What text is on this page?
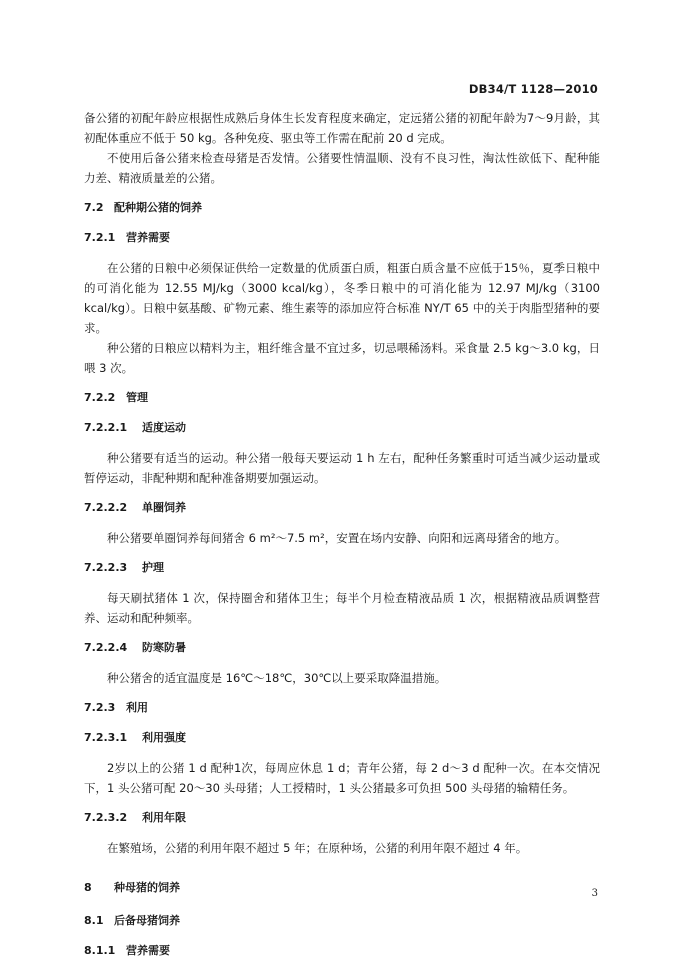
DB34/T 1128—2010

备公猪的初配年龄应根据性成熟后身体生长发育程度来确定，定远猪公猪的初配年龄为7～9月龄，其初配体重应不低于 50 kg。各种免疫、驱虫等工作需在配前 20 d 完成。

不使用后备公猪来检查母猪是否发情。公猪要性情温顺、没有不良习性，淘汰性欲低下、配种能力差、精液质量差的公猪。

7.2 配种期公猪的饲养

7.2.1 营养需要

在公猪的日粮中必须保证供给一定数量的优质蛋白质，粗蛋白质含量不应低于15％，夏季日粮中的可消化能为 12.55 MJ/kg（3000 kcal/kg），冬季日粮中的可消化能为 12.97 MJ/kg（3100 kcal/kg）。日粮中氨基酸、矿物元素、维生素等的添加应符合标准 NY/T 65 中的关于肉脂型猪种的要求。

种公猪的日粮应以精料为主，粗纤维含量不宜过多，切忌喂稀汤料。采食量 2.5 kg～3.0 kg，日喂 3 次。

7.2.2 管理

7.2.2.1 适度运动

种公猪要有适当的运动。种公猪一般每天要运动 1 h 左右，配种任务繁重时可适当减少运动量或暂停运动，非配种期和配种准备期要加强运动。

7.2.2.2 单圈饲养

种公猪要单圈饲养每间猪舍 6 m²～7.5 m²，安置在场内安静、向阳和远离母猪舍的地方。

7.2.2.3 护理

每天刷拭猪体 1 次，保持圈舍和猪体卫生；每半个月检查精液品质 1 次，根据精液品质调整营养、运动和配种频率。

7.2.2.4 防寒防暑

种公猪舍的适宜温度是 16℃～18℃，30℃以上要采取降温措施。

7.2.3 利用

7.2.3.1 利用强度

2岁以上的公猪 1 d 配种1次，每周应休息 1 d；青年公猪，每 2 d～3 d 配种一次。在本交情况下，1 头公猪可配 20～30 头母猪；人工授精时，1 头公猪最多可负担 500 头母猪的输精任务。

7.2.3.2 利用年限

在繁殖场，公猪的利用年限不超过 5 年；在原种场，公猪的利用年限不超过 4 年。

8 种母猪的饲养

8.1 后备母猪饲养

8.1.1 营养需要

3
